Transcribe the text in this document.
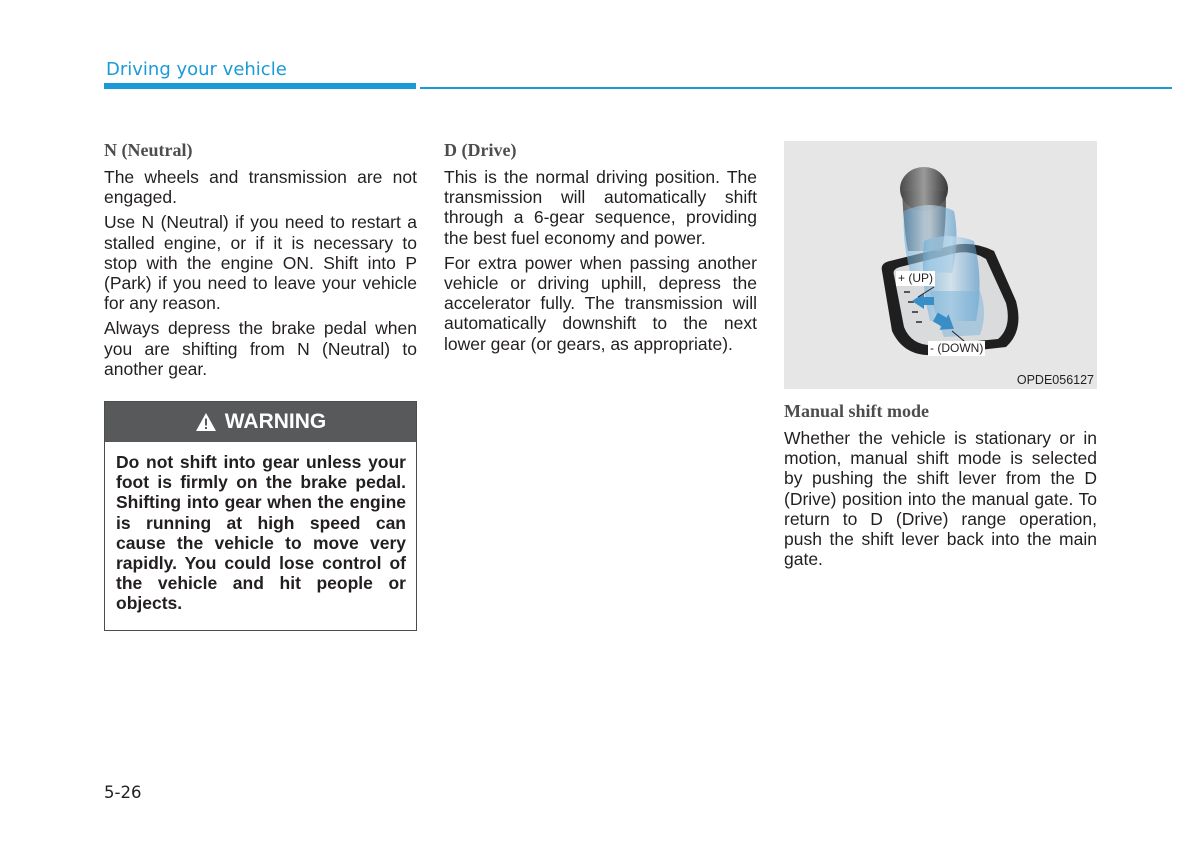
Driving your vehicle
N (Neutral)

The wheels and transmission are not engaged.

Use N (Neutral) if you need to restart a stalled engine, or if it is necessary to stop with the engine ON. Shift into P (Park) if you need to leave your vehicle for any reason.

Always depress the brake pedal when you are shifting from N (Neutral) to another gear.

WARNING
Do not shift into gear unless your foot is firmly on the brake pedal. Shifting into gear when the engine is running at high speed can cause the vehicle to move very rapidly. You could lose control of the vehicle and hit people or objects.
D (Drive)

This is the normal driving position. The transmission will automatically shift through a 6-gear sequence, providing the best fuel economy and power.

For extra power when passing another vehicle or driving uphill, depress the accelerator fully. The transmission will automatically downshift to the next lower gear (or gears, as appropriate).

+ (UP)
- (DOWN)
OPDE056127
Manual shift mode

Whether the vehicle is stationary or in motion, manual shift mode is selected by pushing the shift lever from the D (Drive) position into the manual gate. To return to D (Drive) range operation, push the shift lever back into the main gate.

5-26
